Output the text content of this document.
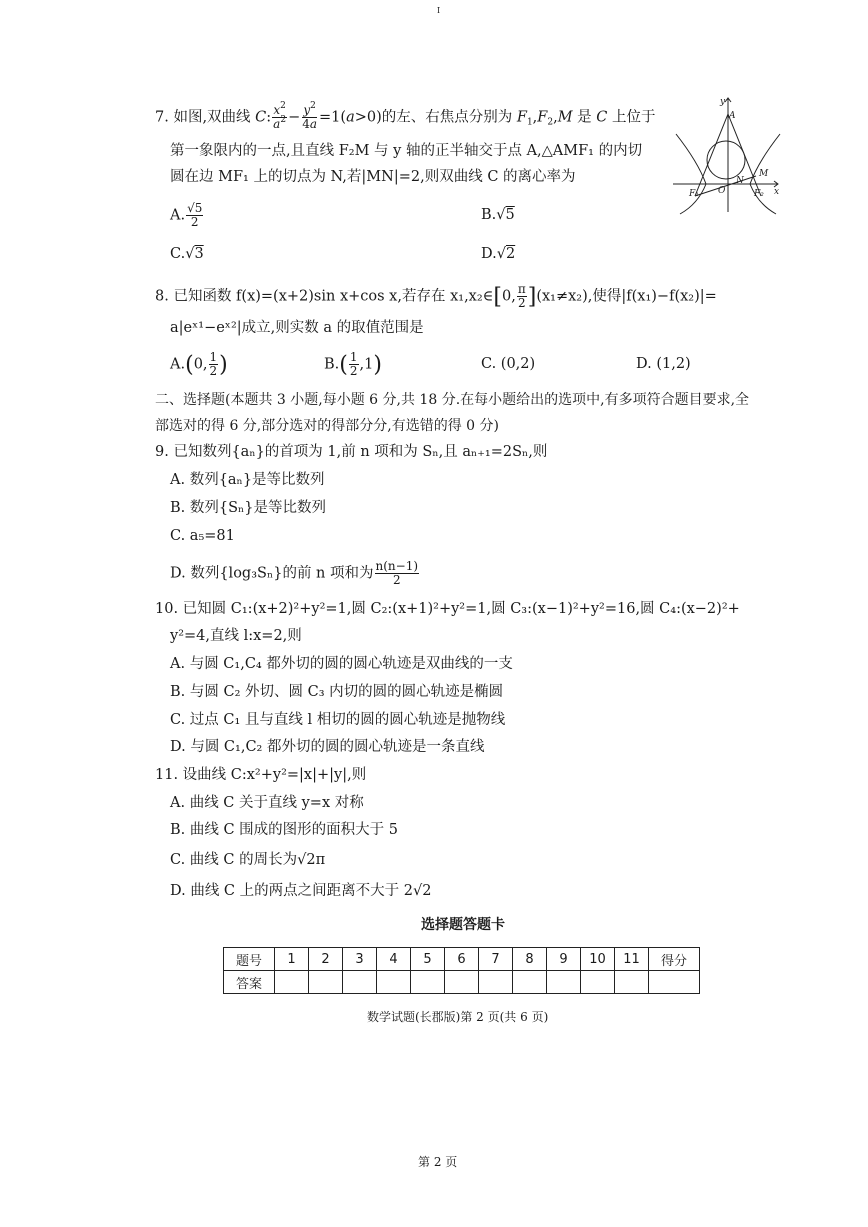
I
7. 如图,双曲线 C: $\frac{x^2}{a^2} - \frac{y^2}{4a} =1(a>0)$的左、右焦点分别为 $F_1,F_2,M$ 是 C 上位于
第一象限内的一点,且直线 F₂M 与 y 轴的正半轴交于点 A,△AMF₁ 的内切
圆在边 MF₁ 上的切点为 N,若|MN|=2,则双曲线 C 的离心率为
A. $\frac{√5}{2}$	B.√5
C.√3	D.√2
y
A
M
N
F₁ O	F₂ x
8. 已知函数 f(x)=(x+2)sin x+cos x,若存在 x₁,x₂∈[0, $\frac{\pi}{2} ](x_1\ne x_2)$,使得|f(x₁)−f(x₂)|=
a|eˣ¹−eˣ²|成立,则实数 a 的取值范围是
A.(0, $\frac{1}{2}$ )	$B.( \frac{1}{2} ,1)$	C. (0,2)	D. (1,2)
二、选择题(本题共 3 小题,每小题 6 分,共 18 分.在每小题给出的选项中,有多项符合题目要求,全
部选对的得 6 分,部分选对的得部分分,有选错的得 0 分)
9. 已知数列{aₙ}的首项为 1,前 n 项和为 Sₙ,且 aₙ₊₁=2Sₙ,则
A. 数列{aₙ}是等比数列
B. 数列{Sₙ}是等比数列
C. a₅=81
D. 数列{log₃Sₙ}的前 n 项和为 $\frac{n(n-1)}{2}$
10. 已知圆 C₁:(x+2)²+y²=1,圆 C₂:(x+1)²+y²=1,圆 C₃:(x−1)²+y²=16,圆 C₄:(x−2)²+
y²=4,直线 l:x=2,则
A. 与圆 C₁,C₄ 都外切的圆的圆心轨迹是双曲线的一支
B. 与圆 C₂ 外切、圆 C₃ 内切的圆的圆心轨迹是椭圆
C. 过点 C₁ 且与直线 l 相切的圆的圆心轨迹是抛物线
D. 与圆 C₁,C₂ 都外切的圆的圆心轨迹是一条直线
11. 设曲线 C:x²+y²=|x|+|y|,则
A. 曲线 C 关于直线 y=x 对称
B. 曲线 C 围成的图形的面积大于 5
C. 曲线 C 的周长为√2π
D. 曲线 C 上的两点之间距离不大于 2√2
选择题答题卡
题号	1	2	3	4	5	6	7	8	9	10	11	得分
答案												
数学试题(长郡版)第 2 页(共 6 页)
第 2 页
